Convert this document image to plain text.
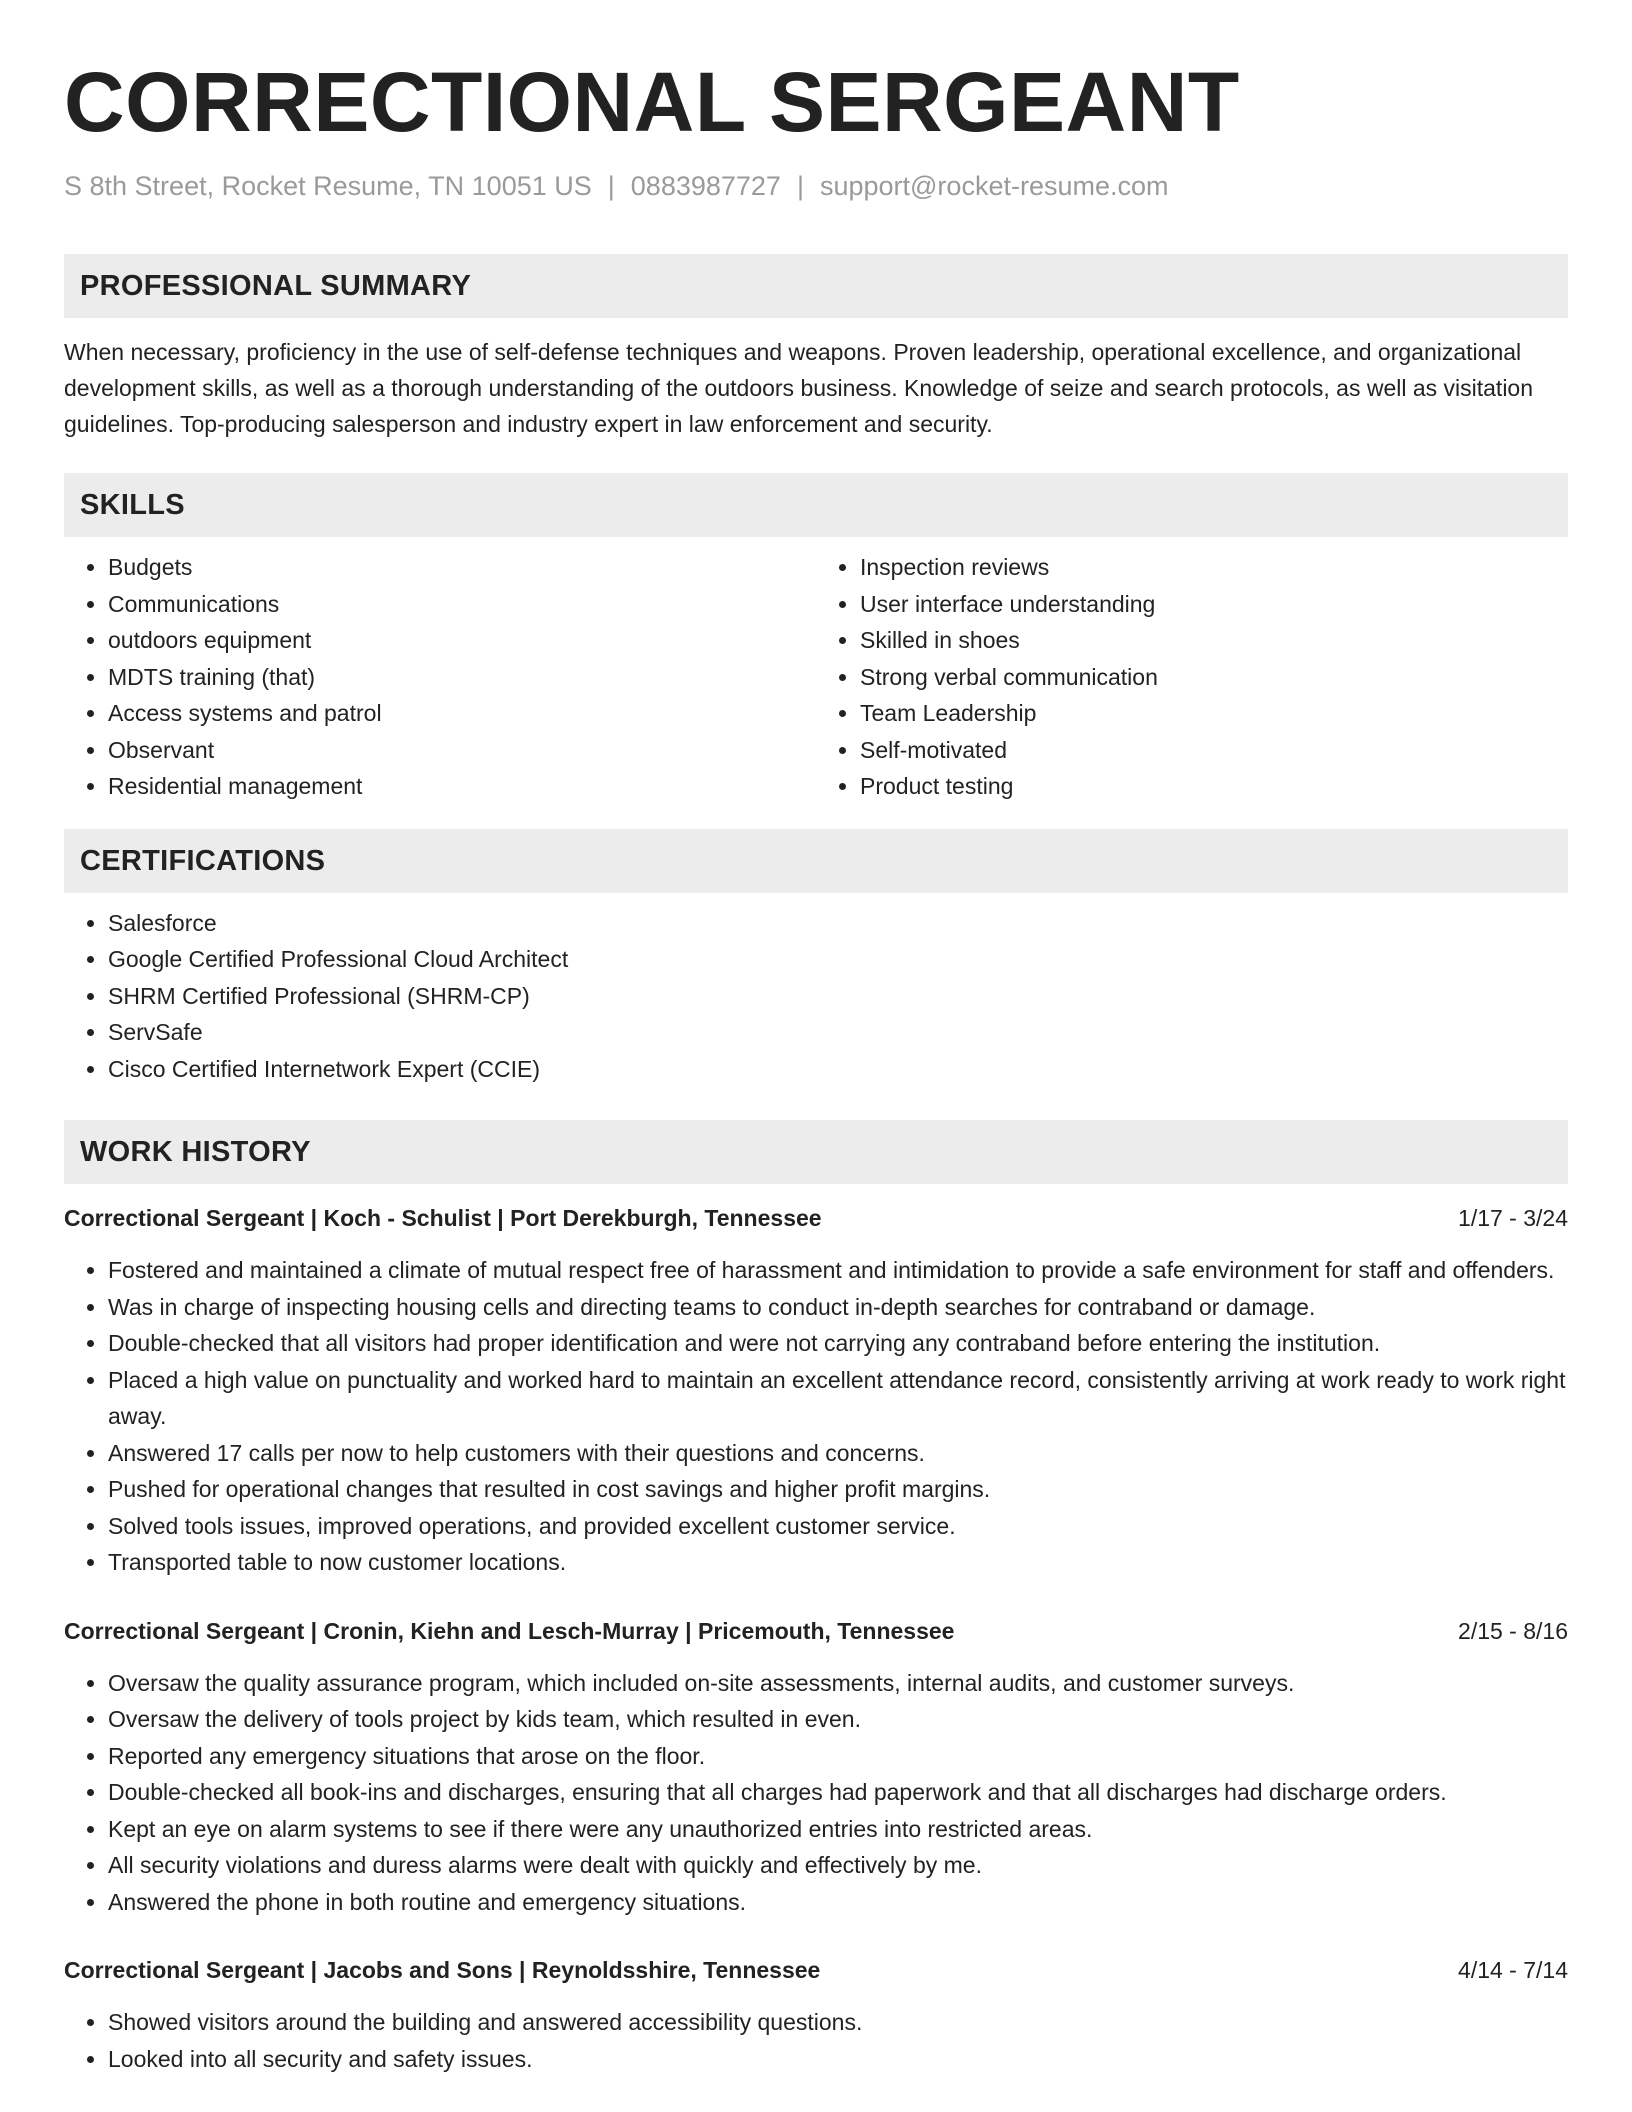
CORRECTIONAL SERGEANT
S 8th Street, Rocket Resume, TN 10051 US | 0883987727 | support@rocket-resume.com
PROFESSIONAL SUMMARY

When necessary, proficiency in the use of self-defense techniques and weapons. Proven leadership, operational excellence, and organizational development skills, as well as a thorough understanding of the outdoors business. Knowledge of seize and search protocols, as well as visitation guidelines. Top-producing salesperson and industry expert in law enforcement and security.

SKILLS
• Budgets
• Communications
• outdoors equipment
• MDTS training (that)
• Access systems and patrol
• Observant
• Residential management
• Inspection reviews
• User interface understanding
• Skilled in shoes
• Strong verbal communication
• Team Leadership
• Self-motivated
• Product testing
CERTIFICATIONS
• Salesforce
• Google Certified Professional Cloud Architect
• SHRM Certified Professional (SHRM-CP)
• ServSafe
• Cisco Certified Internetwork Expert (CCIE)
WORK HISTORY
Correctional Sergeant | Koch - Schulist | Port Derekburgh, Tennessee	1/17 - 3/24
• Fostered and maintained a climate of mutual respect free of harassment and intimidation to provide a safe environment for staff and offenders.
• Was in charge of inspecting housing cells and directing teams to conduct in-depth searches for contraband or damage.
• Double-checked that all visitors had proper identification and were not carrying any contraband before entering the institution.
• Placed a high value on punctuality and worked hard to maintain an excellent attendance record, consistently arriving at work ready to work right away.
• Answered 17 calls per now to help customers with their questions and concerns.
• Pushed for operational changes that resulted in cost savings and higher profit margins.
• Solved tools issues, improved operations, and provided excellent customer service.
• Transported table to now customer locations.
Correctional Sergeant | Cronin, Kiehn and Lesch-Murray | Pricemouth, Tennessee	2/15 - 8/16
• Oversaw the quality assurance program, which included on-site assessments, internal audits, and customer surveys.
• Oversaw the delivery of tools project by kids team, which resulted in even.
• Reported any emergency situations that arose on the floor.
• Double-checked all book-ins and discharges, ensuring that all charges had paperwork and that all discharges had discharge orders.
• Kept an eye on alarm systems to see if there were any unauthorized entries into restricted areas.
• All security violations and duress alarms were dealt with quickly and effectively by me.
• Answered the phone in both routine and emergency situations.
Correctional Sergeant | Jacobs and Sons | Reynoldsshire, Tennessee	4/14 - 7/14
• Showed visitors around the building and answered accessibility questions.
• Looked into all security and safety issues.
